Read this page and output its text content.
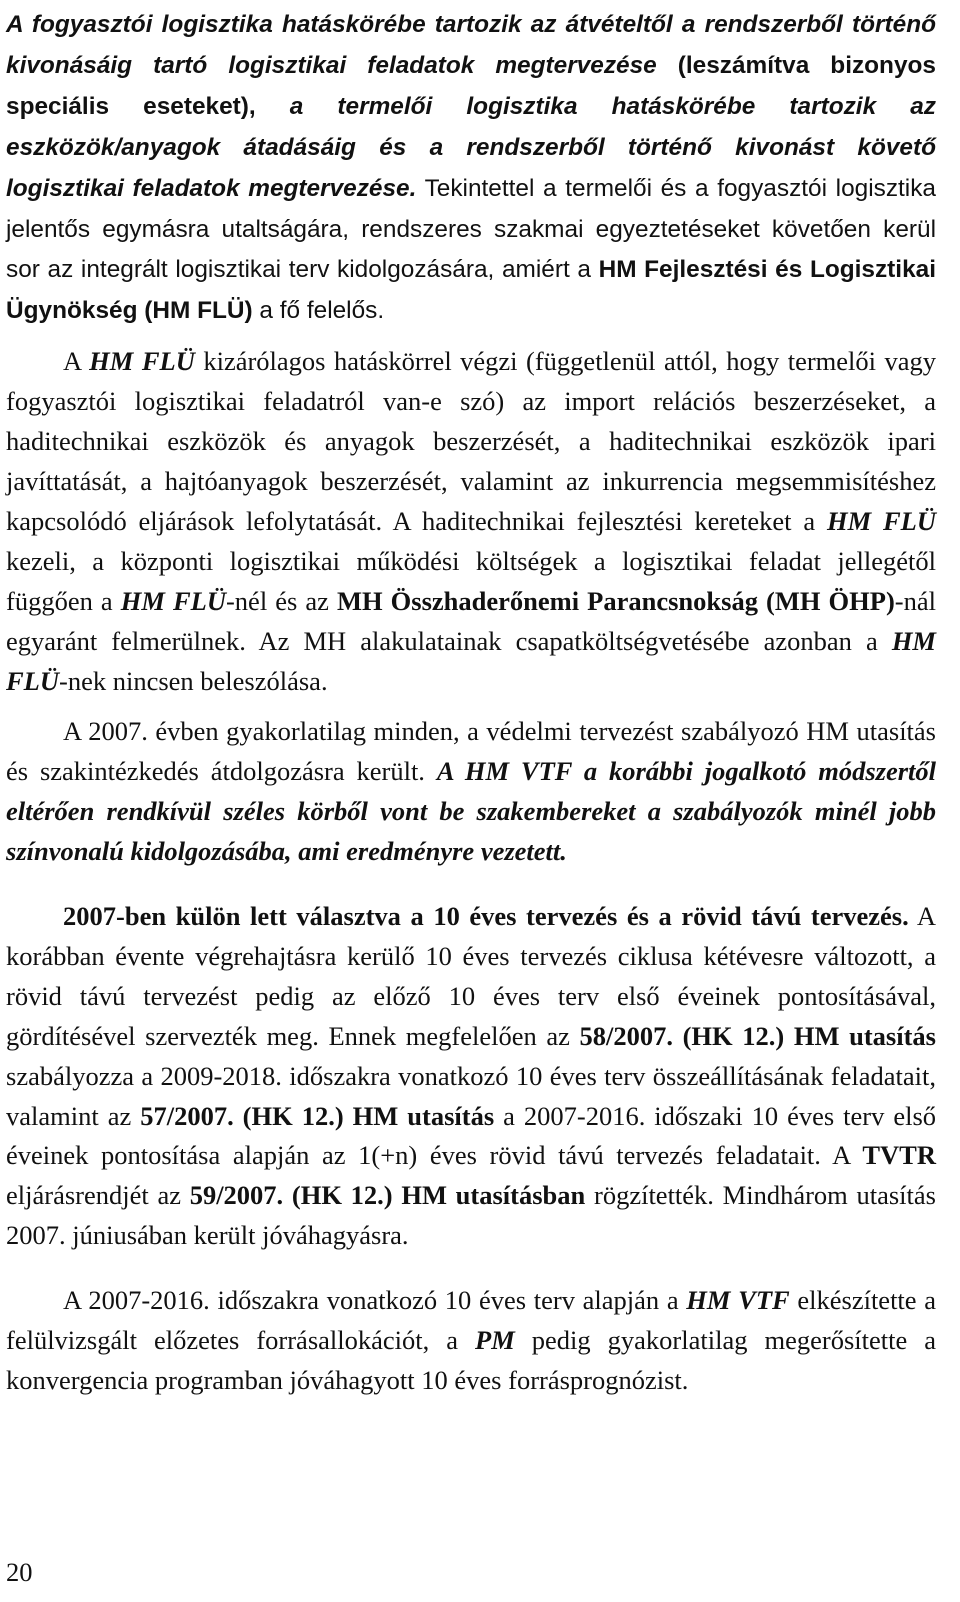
A fogyasztói logisztika hatáskörébe tartozik az átvételtől a rendszerből történő kivonásáig tartó logisztikai feladatok megtervezése (leszámítva bizonyos speciális eseteket), a termelői logisztika hatáskörébe tartozik az eszközök/anyagok átadásáig és a rendszerből történő kivonást követő logisztikai feladatok megtervezése. Tekintettel a termelői és a fogyasztói logisztika jelentős egymásra utaltságára, rendszeres szakmai egyeztetéseket követően kerül sor az integrált logisztikai terv kidolgozására, amiért a HM Fejlesztési és Logisztikai Ügynökség (HM FLÜ) a fő felelős.

A HM FLÜ kizárólagos hatáskörrel végzi (függetlenül attól, hogy termelői vagy fogyasztói logisztikai feladatról van-e szó) az import relációs beszerzéseket, a haditechnikai eszközök és anyagok beszerzését, a haditechnikai eszközök ipari javíttatását, a hajtóanyagok beszerzését, valamint az inkurrencia megsemmisítéshez kapcsolódó eljárások lefolytatását. A haditechnikai fejlesztési kereteket a HM FLÜ kezeli, a központi logisztikai működési költségek a logisztikai feladat jellegétől függően a HM FLÜ-nél és az MH Összhaderőnemi Parancsnokság (MH ÖHP)-nál egyaránt felmerülnek. Az MH alakulatainak csapatköltségvetésébe azonban a HM FLÜ-nek nincsen beleszólása.

A 2007. évben gyakorlatilag minden, a védelmi tervezést szabályozó HM utasítás és szakintézkedés átdolgozásra került. A HM VTF a korábbi jogalkotó módszertől eltérően rendkívül széles körből vont be szakembereket a szabályozók minél jobb színvonalú kidolgozásába, ami eredményre vezetett.

2007-ben külön lett választva a 10 éves tervezés és a rövid távú tervezés. A korábban évente végrehajtásra kerülő 10 éves tervezés ciklusa kétévesre változott, a rövid távú tervezést pedig az előző 10 éves terv első éveinek pontosításával, gördítésével szervezték meg. Ennek megfelelően az 58/2007. (HK 12.) HM utasítás szabályozza a 2009-2018. időszakra vonatkozó 10 éves terv összeállításának feladatait, valamint az 57/2007. (HK 12.) HM utasítás a 2007-2016. időszaki 10 éves terv első éveinek pontosítása alapján az 1(+n) éves rövid távú tervezés feladatait. A TVTR eljárásrendjét az 59/2007. (HK 12.) HM utasításban rögzítették. Mindhárom utasítás 2007. júniusában került jóváhagyásra.

A 2007-2016. időszakra vonatkozó 10 éves terv alapján a HM VTF elkészítette a felülvizsgált előzetes forrásallokációt, a PM pedig gyakorlatilag megerősítette a konvergencia programban jóváhagyott 10 éves forrásprognózist.

20
